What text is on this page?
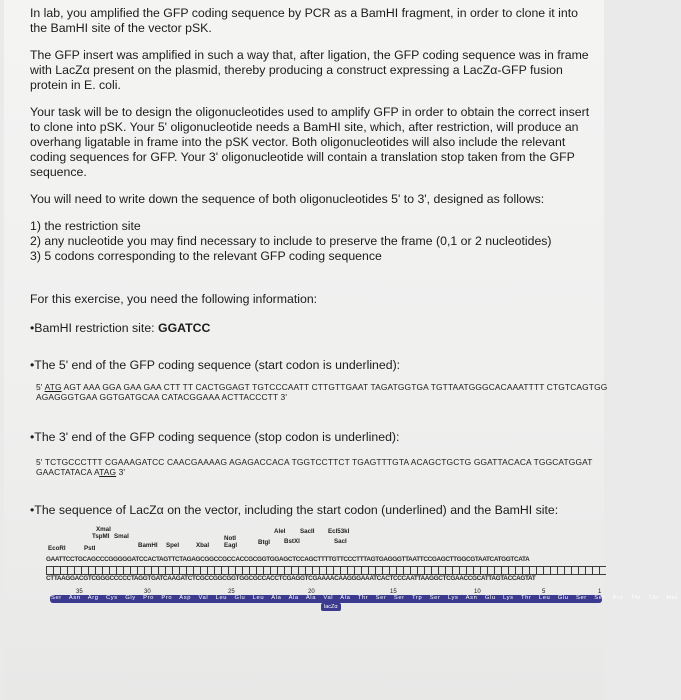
In lab, you amplified the GFP coding sequence by PCR as a BamHI fragment, in order to clone it into the BamHI site of the vector pSK.

The GFP insert was amplified in such a way that, after ligation, the GFP coding sequence was in frame with LacZα present on the plasmid, thereby producing a construct expressing a LacZα-GFP fusion protein in E. coli.

Your task will be to design the oligonucleotides used to amplify GFP in order to obtain the correct insert to clone into pSK. Your 5' oligonucleotide needs a BamHI site, which, after restriction, will produce an overhang ligatable in frame into the pSK vector. Both oligonucleotides will also include the relevant coding sequences for GFP. Your 3' oligonucleotide will contain a translation stop taken from the GFP sequence.

You will need to write down the sequence of both oligonucleotides 5' to 3', designed as follows:

1) the restriction site

2) any nucleotide you may find necessary to include to preserve the frame (0,1 or 2 nucleotides)

3) 5 codons corresponding to the relevant GFP coding sequence

For this exercise, you need the following information:

•BamHI restriction site: GGATCC

•The 5' end of the GFP coding sequence (start codon is underlined):

5' ATG AGT AAA GGA GAA GAA CTT TT CACTGGAGT TGTCCCAATT CTTGTTGAAT TAGATGGTGA TGTTAATGGGCACAAATTTT CTGTCAGTGG
AGAGGGTGAA GGTGATGCAA CATACGGAAA ACTTACCCTT 3'

•The 3' end of the GFP coding sequence (stop codon is underlined):

5' TCTGCCCTTT CGAAAGATCC CAACGAAAAG AGAGACCACA TGGTCCTTCT TGAGTTTGTA ACAGCTGCTG GGATTACACA TGGCATGGAT
GAACTATACA ATAG 3'

•The sequence of LacZα on the vector, including the start codon (underlined) and the BamHI site:

XmaI
TspMI SmaI
EcoRI	PstI	BamHI SpeI	XbaI
NotI
EagI
AleI SacII
BtgI BstXI
Ecl53kI
SacI
GAATTCCTGCAGCCCGGGGGATCCACTAGTTCTAGAGCGGCCGCCACCGCGGTGGAGCTCCAGCTTTTGTTCCCTTTAGTGAGGGTTAATTCCGAGCTTGGCGTAATCATGGTCATA
CTTAAGGACGTCGGGCCCCCTAGGTGATCAAGATCTCGCCGGCGGTGGCGCCACCTCGAGGTCGAAAACAAGGGAAATCACTCCCAATTAAGGCTCGAACCGCATTAGTACCAGTAT
35	30	25	20	15	10	5	1
Ser Asn Arg Cys Gly Pro Pro Asp Val Leu Glu Leu Ala Ala Ala Val Ala Thr Ser Ser Trp Ser Lys Asn Glu Lys Thr Leu Glu Ser Ser Pro Thr Thr Met
lacZα
